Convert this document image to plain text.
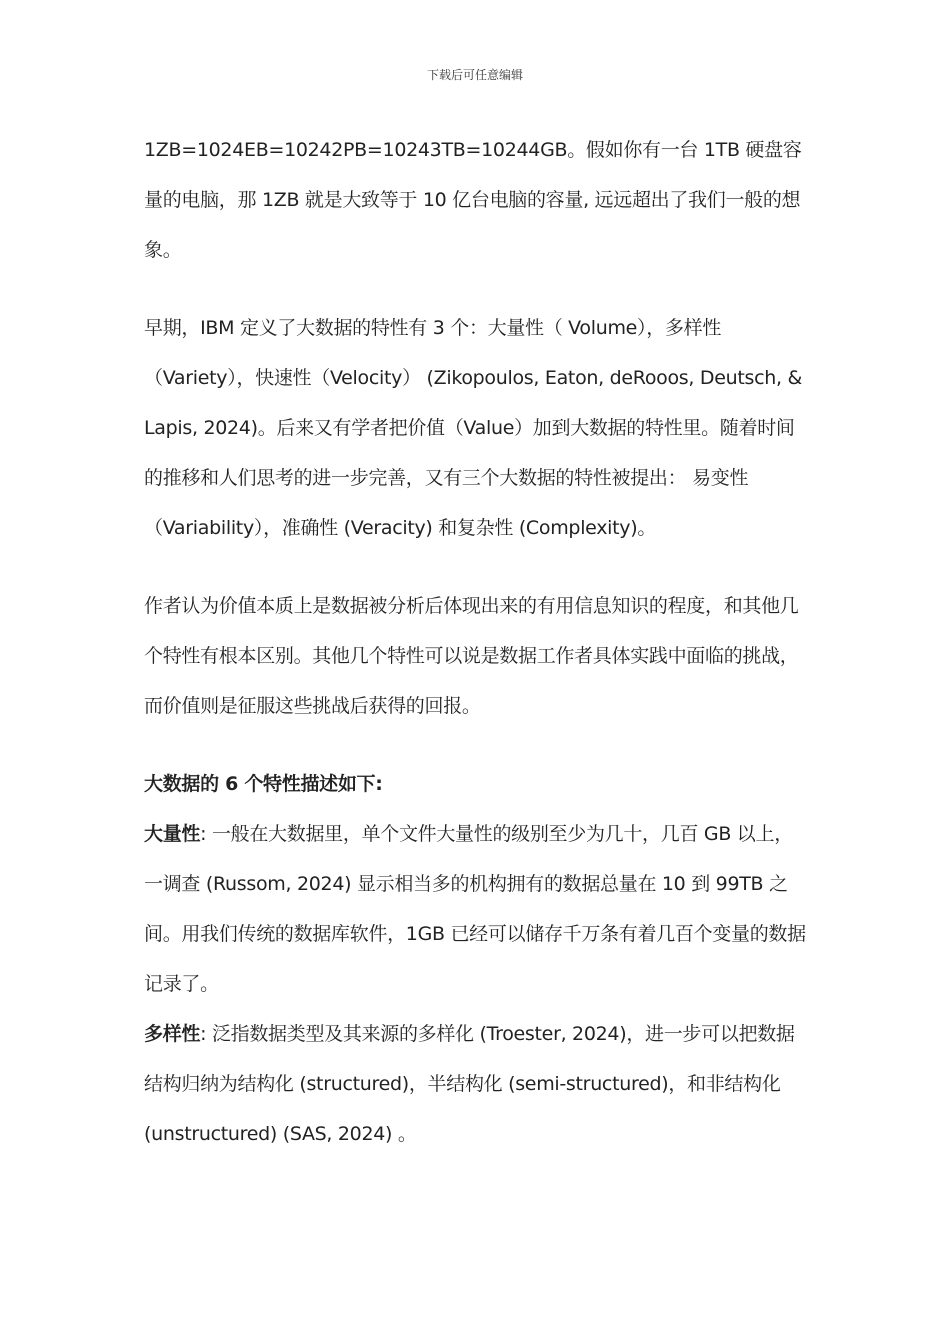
下载后可任意编辑

1ZB=1024EB=10242PB=10243TB=10244GB。假如你有一台 1TB 硬盘容量的电脑，那 1ZB 就是大致等于 10 亿台电脑的容量, 远远超出了我们一般的想象。

早期，IBM 定义了大数据的特性有 3 个：大量性（ Volume），多样性（Variety），快速性（Velocity） (Zikopoulos, Eaton, deRooos, Deutsch, & Lapis, 2024)。后来又有学者把价值（Value）加到大数据的特性里。随着时间的推移和人们思考的进一步完善，又有三个大数据的特性被提出： 易变性（Variability），准确性 (Veracity) 和复杂性 (Complexity)。

作者认为价值本质上是数据被分析后体现出来的有用信息知识的程度，和其他几个特性有根本区别。其他几个特性可以说是数据工作者具体实践中面临的挑战，而价值则是征服这些挑战后获得的回报。

大数据的 6 个特性描述如下:

大量性: 一般在大数据里，单个文件大量性的级别至少为几十，几百 GB 以上，一调查 (Russom, 2024) 显示相当多的机构拥有的数据总量在 10 到 99TB 之间。用我们传统的数据库软件，1GB 已经可以储存千万条有着几百个变量的数据记录了。

多样性: 泛指数据类型及其来源的多样化 (Troester, 2024)，进一步可以把数据结构归纳为结构化 (structured)，半结构化 (semi-structured)，和非结构化 (unstructured) (SAS, 2024) 。
